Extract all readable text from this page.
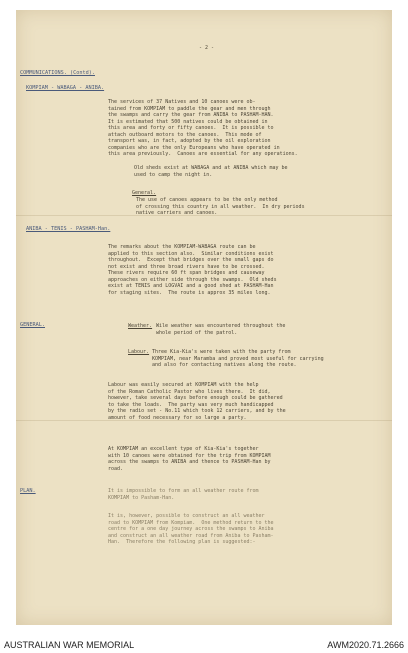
- 2 -
COMMUNICATIONS. (Contd).
KOMPIAM - WABAGA - ANIBA.
The services of 37 Natives and 10 canoes were ob-
tained from KOMPIAM to paddle the gear and men through
the swamps and carry the gear from ANIBA to PASHAM-HAN.
It is estimated that 500 natives could be obtained in
this area and forty or fifty canoes.  It is possible to
attach outboard motors to the canoes.  This mode of
transport was, in fact, adopted by the oil exploration
companies who are the only Europeans who have operated in
this area previously.  Canoes are essential for any operations.
Old sheds exist at WABAGA and at ANIBA which may be
used to camp the night in.
General.
The use of canoes appears to be the only method
of crossing this country in all weather.  In dry periods
native carriers and canoes.
ANIBA - TENIS - PASHAM-Han.
The remarks about the KOMPIAM-WABAGA route can be
applied to this section also.  Similar conditions exist
throughout.  Except that bridges over the small gaps do
not exist and three broad rivers have to be crossed.
These rivers require 60 ft span bridges and causeway
approaches on either side through the swamps.  Old sheds
exist at TENIS and LOGVAI and a good shed at PASHAM-Han
for staging sites.  The route is approx 35 miles long.
GENERAL.	Weather. Wile weather was encountered throughout the
whole period of the patrol.
Labour. Three Kia-Kia's were taken with the party from
KOMPIAM, near Maramba and proved most useful for carrying
and also for contacting natives along the route.
Labour was easily secured at KOMPIAM with the help
of the Roman Catholic Pastor who lives there.  It did,
however, take several days before enough could be gathered
to take the loads.  The party was very much handicapped
by the radio set - No.11 which took 12 carriers, and by the
amount of food necessary for so large a party.
At KOMPIAM an excellent type of Kia-Kia's together
with 10 canoes were obtained for the trip from KOMPIAM
across the swamps to ANIBA and thence to PASHAM-Han by
road.
PLAN.	It is impossible to form an all weather route from
KOMPIAM to Pasham-Han.
It is, however, possible to construct an all weather
road to KOMPIAM from Kompiam.  One method return to the
centre for a one day journey across the swamps to Aniba
and construct an all weather road from Aniba to Pasham-
Han.  Therefore the following plan is suggested:-
AUSTRALIAN WAR MEMORIAL	AWM2020.71.2666
